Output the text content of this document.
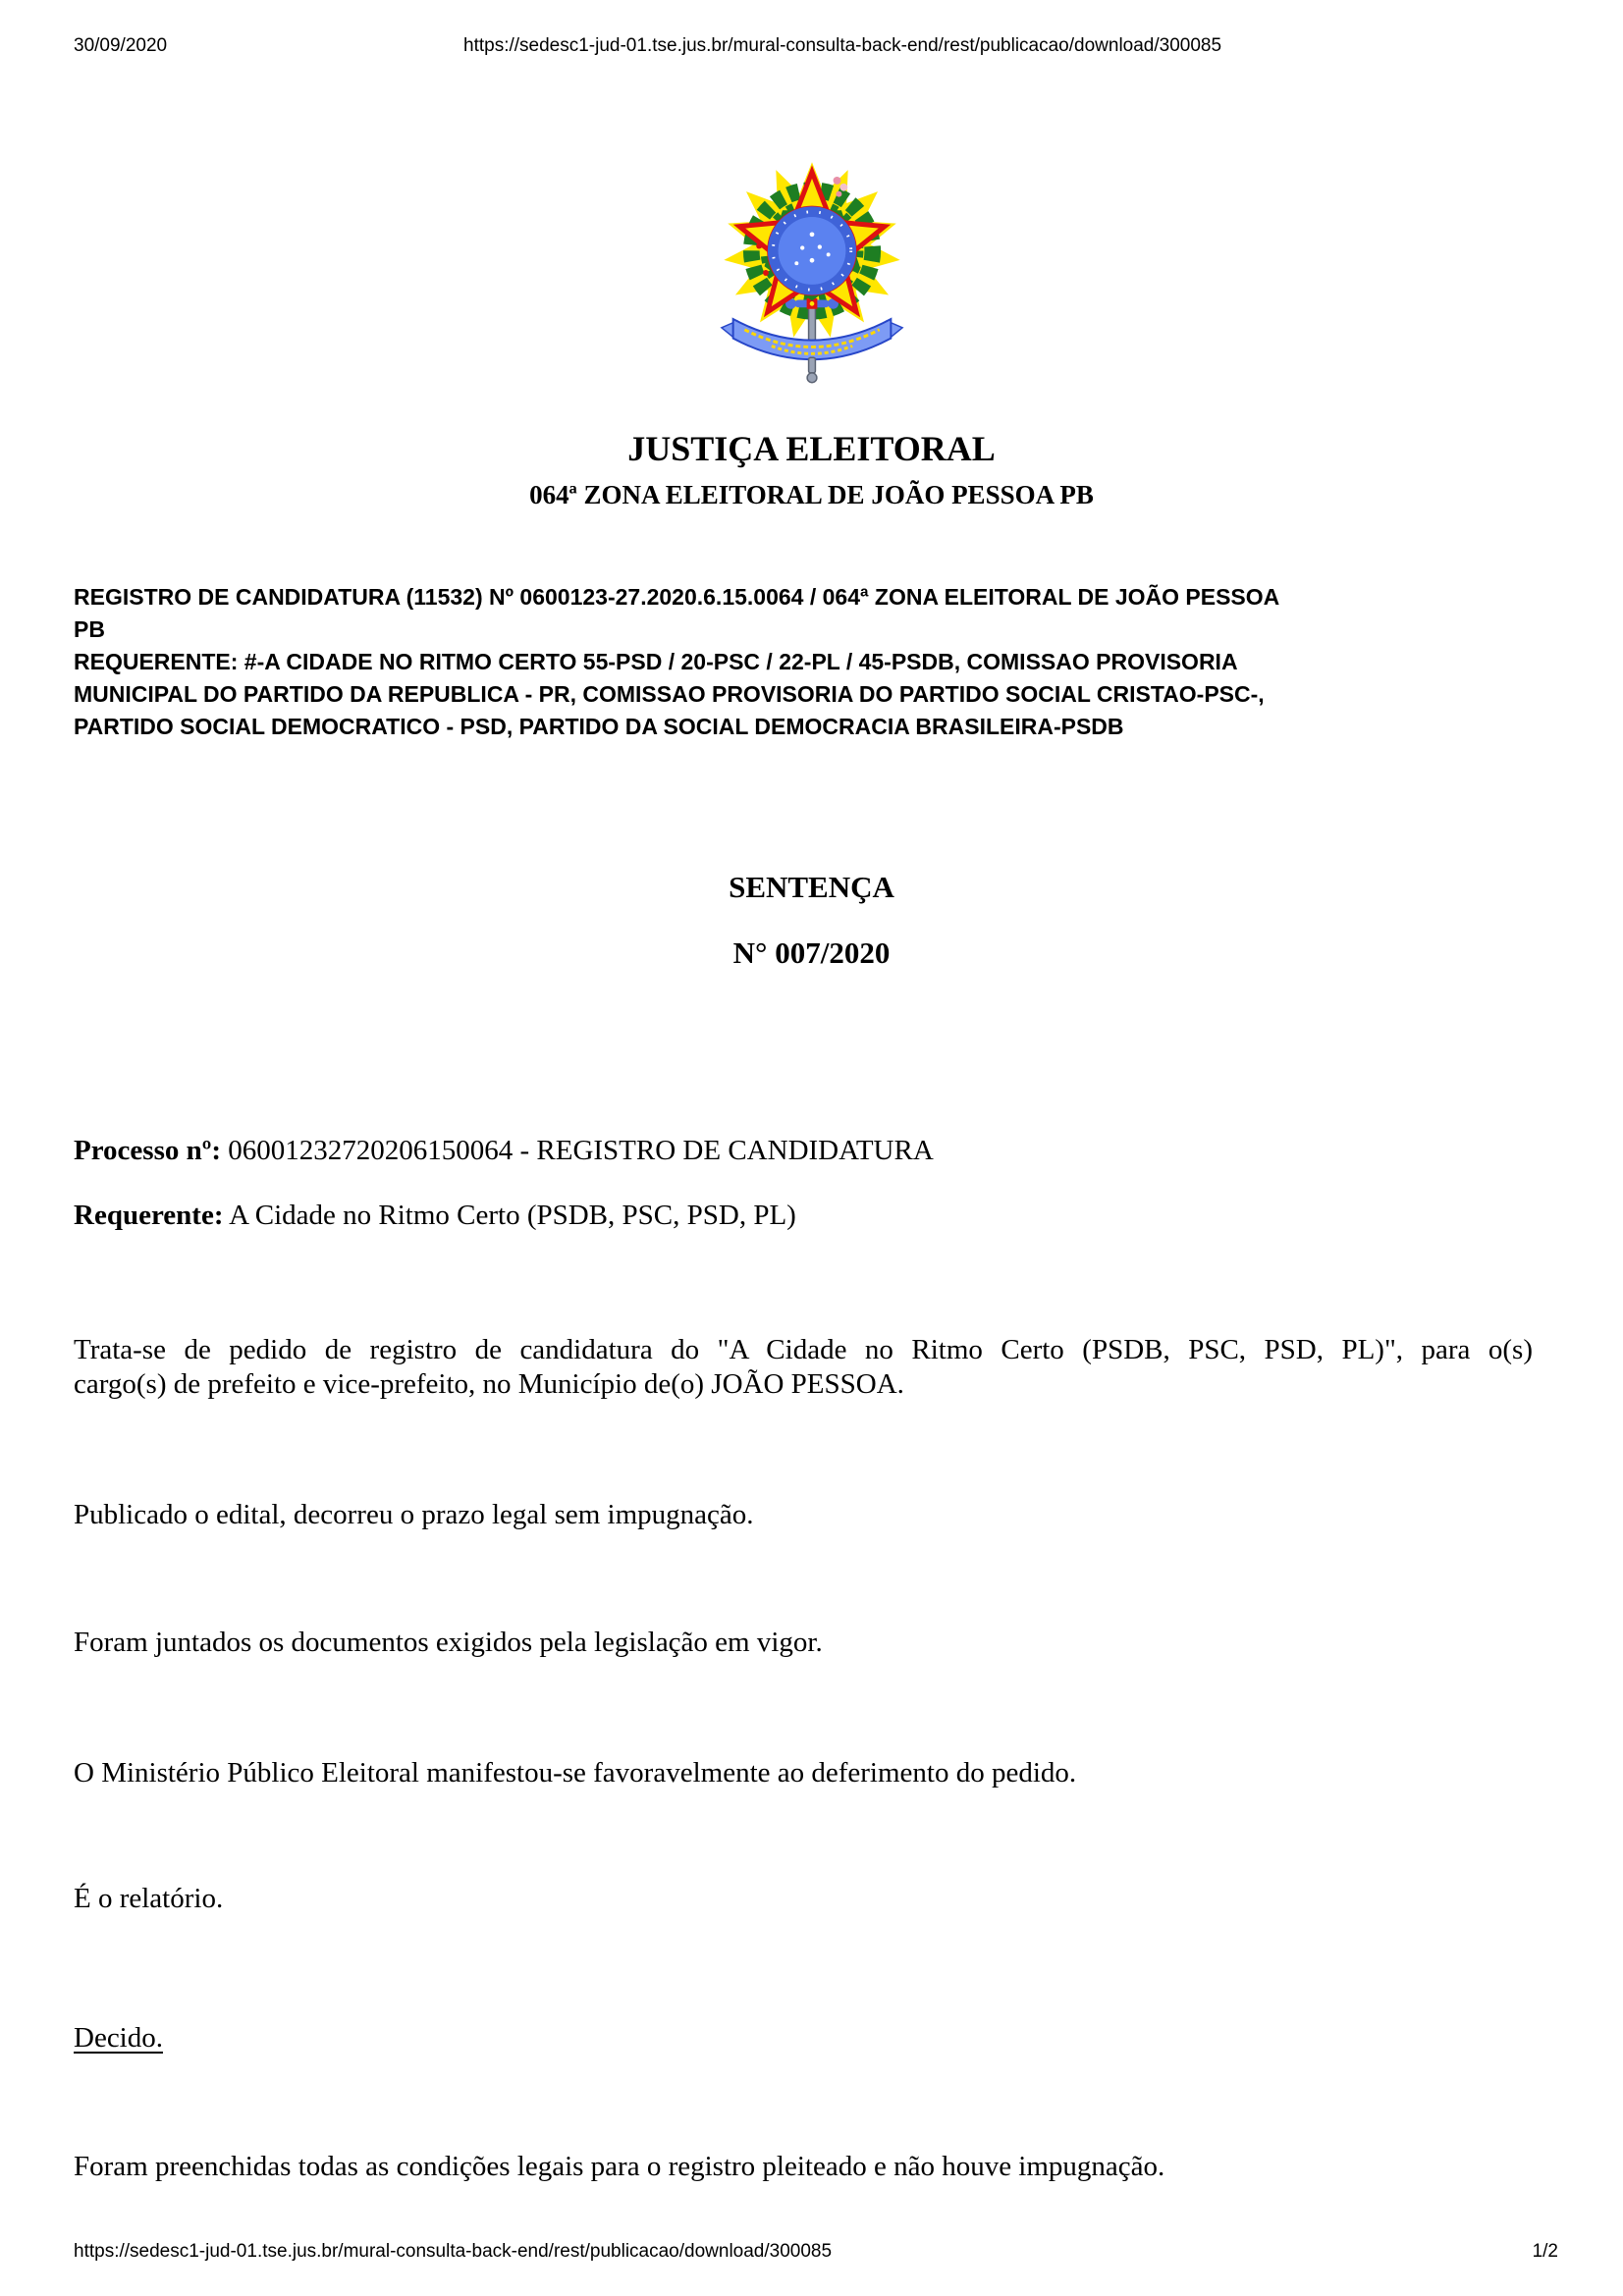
30/09/2020	https://sedesc1-jud-01.tse.jus.br/mural-consulta-back-end/rest/publicacao/download/300085
JUSTIÇA ELEITORAL
064ª ZONA ELEITORAL DE JOÃO PESSOA PB
REGISTRO DE CANDIDATURA (11532) Nº 0600123-27.2020.6.15.0064 / 064ª ZONA ELEITORAL DE JOÃO PESSOA
PB
REQUERENTE: #-A CIDADE NO RITMO CERTO 55-PSD / 20-PSC / 22-PL / 45-PSDB, COMISSAO PROVISORIA
MUNICIPAL DO PARTIDO DA REPUBLICA - PR, COMISSAO PROVISORIA DO PARTIDO SOCIAL CRISTAO-PSC-,
PARTIDO SOCIAL DEMOCRATICO - PSD, PARTIDO DA SOCIAL DEMOCRACIA BRASILEIRA-PSDB
SENTENÇA
N° 007/2020
Processo nº: 06001232720206150064 - REGISTRO DE CANDIDATURA
Requerente: A Cidade no Ritmo Certo (PSDB, PSC, PSD, PL)
Trata-se de pedido de registro de candidatura do "A Cidade no Ritmo Certo (PSDB, PSC, PSD, PL)", para o(s)
cargo(s) de prefeito e vice-prefeito, no Município de(o) JOÃO PESSOA.
Publicado o edital, decorreu o prazo legal sem impugnação.
Foram juntados os documentos exigidos pela legislação em vigor.
O Ministério Público Eleitoral manifestou-se favoravelmente ao deferimento do pedido.
É o relatório.
Decido.
Foram preenchidas todas as condições legais para o registro pleiteado e não houve impugnação.
https://sedesc1-jud-01.tse.jus.br/mural-consulta-back-end/rest/publicacao/download/300085	1/2
